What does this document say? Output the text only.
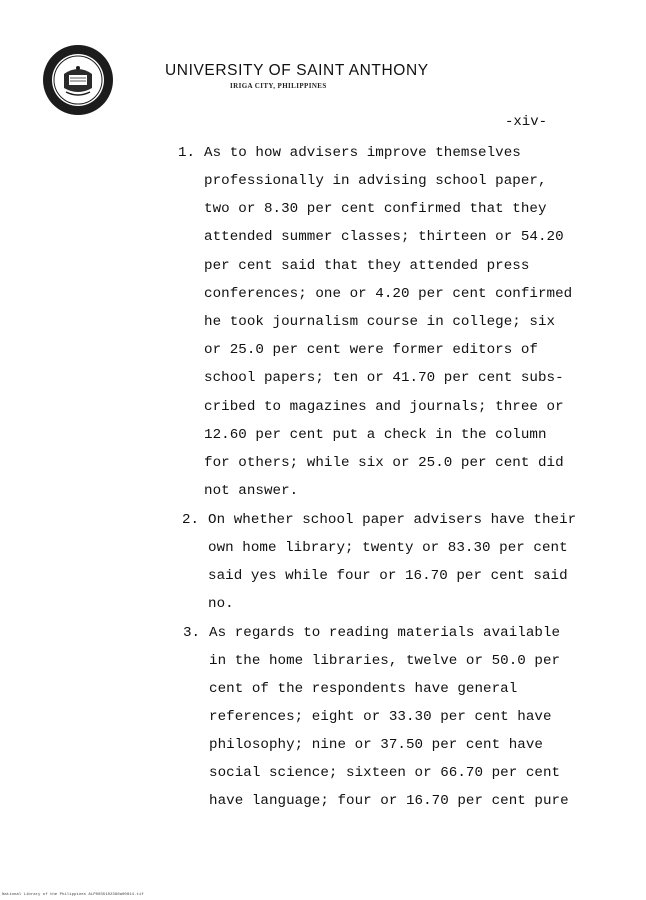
UNIVERSITY OF SAINT ANTHONY
IRIGA CITY, PHILIPPINES
-xiv-
1. As to how advisers improve themselves
professionally in advising school paper,
two or 8.30 per cent confirmed that they
attended summer classes; thirteen or 54.20
per cent said that they attended press
conferences; one or 4.20 per cent confirmed
he took journalism course in college; six
or 25.0 per cent were former editors of
school papers; ten or 41.70 per cent subs-
cribed to magazines and journals; three or
12.60 per cent put a check in the column
for others; while six or 25.0 per cent did
not answer.
2. On whether school paper advisers have their
own home library; twenty or 83.30 per cent
said yes while four or 16.70 per cent said
no.
3. As regards to reading materials available
in the home libraries, twelve or 50.0 per
cent of the respondents have general
references; eight or 33.30 per cent have
philosophy; nine or 37.50 per cent have
social science; sixteen or 66.70 per cent
have language; four or 16.70 per cent pure
National Library of the Philippines ALP0035102390a00014.tif
